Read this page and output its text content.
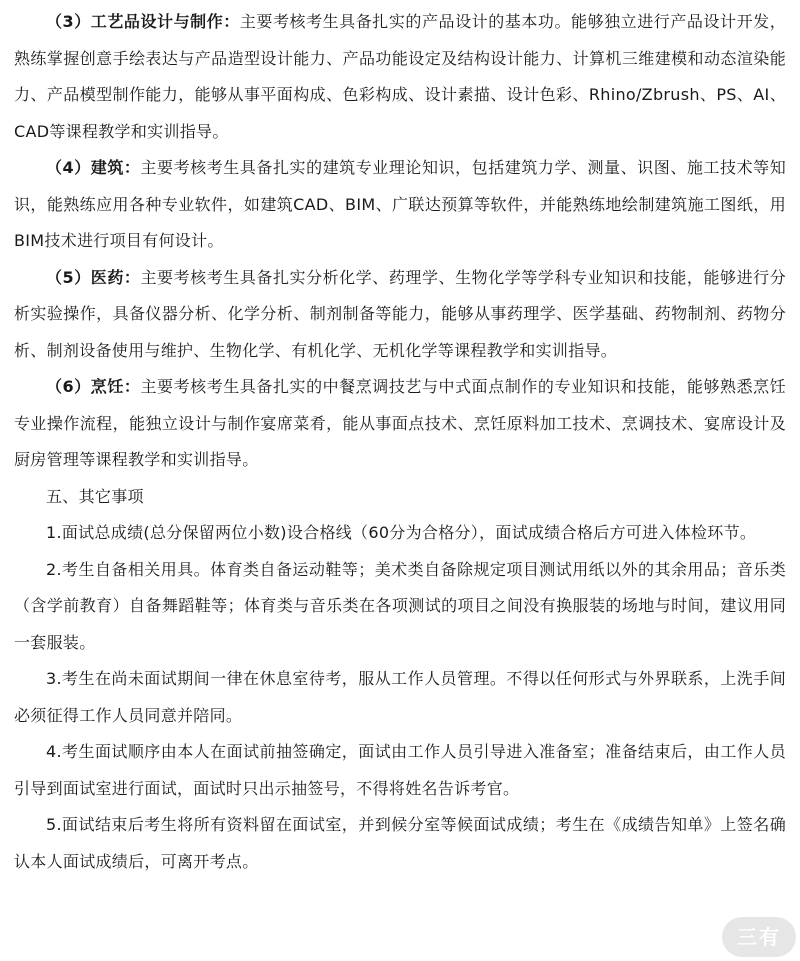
（3）工艺品设计与制作：主要考核考生具备扎实的产品设计的基本功。能够独立进行产品设计开发，熟练掌握创意手绘表达与产品造型设计能力、产品功能设定及结构设计能力、计算机三维建模和动态渲染能力、产品模型制作能力，能够从事平面构成、色彩构成、设计素描、设计色彩、Rhino/Zbrush、PS、AI、CAD等课程教学和实训指导。

（4）建筑：主要考核考生具备扎实的建筑专业理论知识，包括建筑力学、测量、识图、施工技术等知识，能熟练应用各种专业软件，如建筑CAD、BIM、广联达预算等软件，并能熟练地绘制建筑施工图纸，用BIM技术进行项目有何设计。

（5）医药：主要考核考生具备扎实分析化学、药理学、生物化学等学科专业知识和技能，能够进行分析实验操作，具备仪器分析、化学分析、制剂制备等能力，能够从事药理学、医学基础、药物制剂、药物分析、制剂设备使用与维护、生物化学、有机化学、无机化学等课程教学和实训指导。

（6）烹饪：主要考核考生具备扎实的中餐烹调技艺与中式面点制作的专业知识和技能，能够熟悉烹饪专业操作流程，能独立设计与制作宴席菜肴，能从事面点技术、烹饪原料加工技术、烹调技术、宴席设计及厨房管理等课程教学和实训指导。

五、其它事项

1.面试总成绩(总分保留两位小数)设合格线（60分为合格分），面试成绩合格后方可进入体检环节。

2.考生自备相关用具。体育类自备运动鞋等；美术类自备除规定项目测试用纸以外的其余用品；音乐类（含学前教育）自备舞蹈鞋等；体育类与音乐类在各项测试的项目之间没有换服装的场地与时间，建议用同一套服装。

3.考生在尚未面试期间一律在休息室待考，服从工作人员管理。不得以任何形式与外界联系，上洗手间必须征得工作人员同意并陪同。

4.考生面试顺序由本人在面试前抽签确定，面试由工作人员引导进入准备室；准备结束后，由工作人员引导到面试室进行面试，面试时只出示抽签号，不得将姓名告诉考官。

5.面试结束后考生将所有资料留在面试室，并到候分室等候面试成绩；考生在《成绩告知单》上签名确认本人面试成绩后，可离开考点。

三有
